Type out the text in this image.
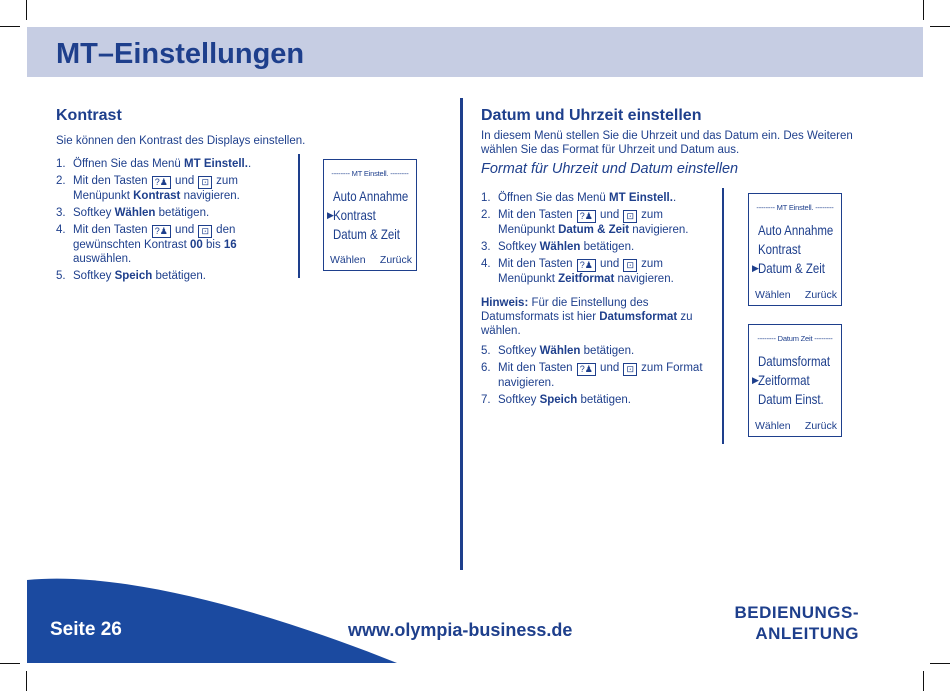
MT–Einstellungen
Kontrast

Sie können den Kontrast des Displays einstellen.

1. Öffnen Sie das Menü MT Einstell..
2. Mit den Tasten ?♟ und ⊡ zum Menüpunkt Kontrast navigieren.
3. Softkey Wählen betätigen.
4. Mit den Tasten ?♟ und ⊡ den gewünschten Kontrast 00 bis 16 auswählen.
5. Softkey Speich betätigen.
-------- MT Einstell. --------
Auto Annahme
Kontrast
▶
Datum & Zeit
Wählen Zurück
Datum und Uhrzeit einstellen

In diesem Menü stellen Sie die Uhrzeit und das Datum ein. Des Weiteren wählen Sie das Format für Uhrzeit und Datum aus.

Format für Uhrzeit und Datum einstellen

1. Öffnen Sie das Menü MT Einstell..
2. Mit den Tasten ?♟ und ⊡ zum Menüpunkt Datum & Zeit navigieren.
3. Softkey Wählen betätigen.
4. Mit den Tasten ?♟ und ⊡ zum Menüpunkt Zeitformat navigieren.

Hinweis: Für die Einstellung des Datumsformats ist hier Datumsformat zu wählen.

5. Softkey Wählen betätigen.
6. Mit den Tasten ?♟ und ⊡ zum Format navigieren.
7. Softkey Speich betätigen.
-------- MT Einstell. --------
Auto Annahme
Kontrast
Datum & Zeit
▶
Wählen Zurück
-------- Datum Zeit --------
Datumsformat
Zeitformat
▶
Datum Einst.
Wählen Zurück
Seite 26	www.olympia-business.de
BEDIENUNGS-
ANLEITUNG
